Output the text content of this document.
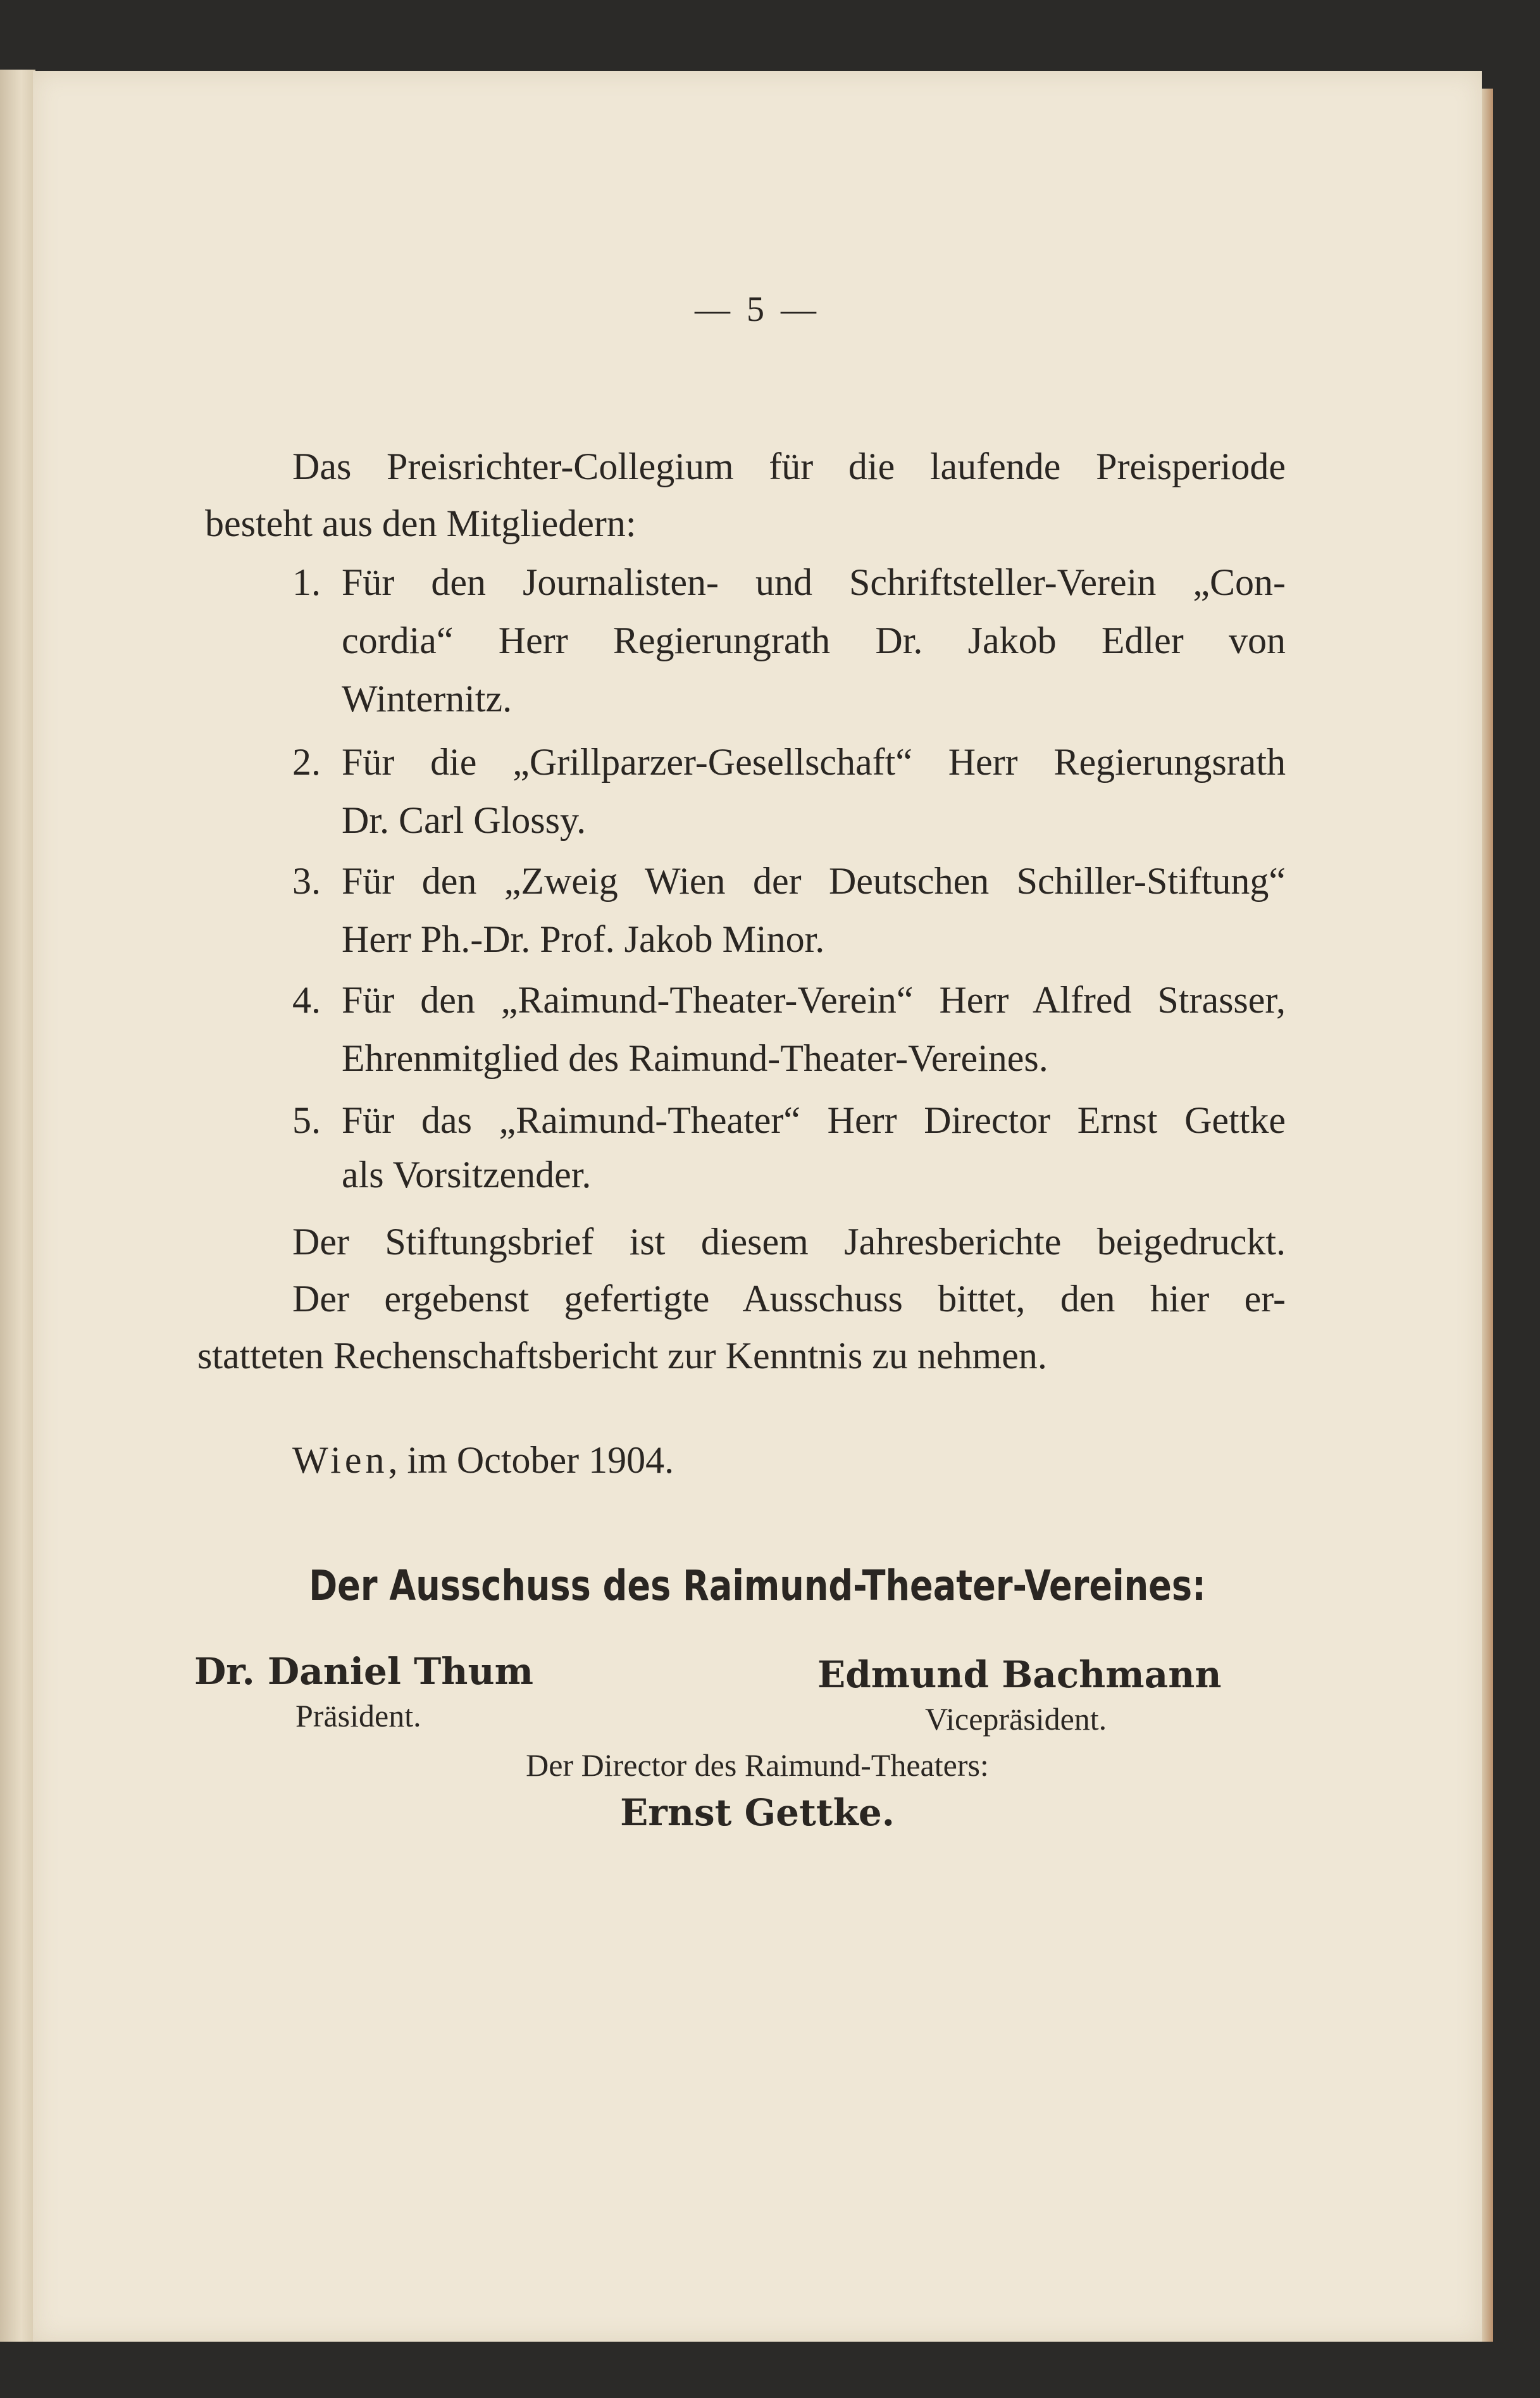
— 5 —
Das Preisrichter-Collegium für die laufende Preisperiode
besteht aus den Mitgliedern:
1. Für den Journalisten- und Schriftsteller-Verein „Con-
cordia“ Herr Regierungrath Dr. Jakob Edler von
Winternitz.
2. Für die „Grillparzer-Gesellschaft“ Herr Regierungsrath
Dr. Carl Glossy.
3. Für den „Zweig Wien der Deutschen Schiller-Stiftung“
Herr Ph.-Dr. Prof. Jakob Minor.
4. Für den „Raimund-Theater-Verein“ Herr Alfred Strasser,
Ehrenmitglied des Raimund-Theater-Vereines.
5. Für das „Raimund-Theater“ Herr Director Ernst Gettke
als Vorsitzender.
Der Stiftungsbrief ist diesem Jahresberichte beigedruckt.
Der ergebenst gefertigte Ausschuss bittet, den hier er-
statteten Rechenschaftsbericht zur Kenntnis zu nehmen.
Wien, im October 1904.
Der Ausschuss des Raimund-Theater-Vereines:
Dr. Daniel Thum
Präsident.
Edmund Bachmann
Vicepräsident.
Der Director des Raimund-Theaters:
Ernst Gettke.
